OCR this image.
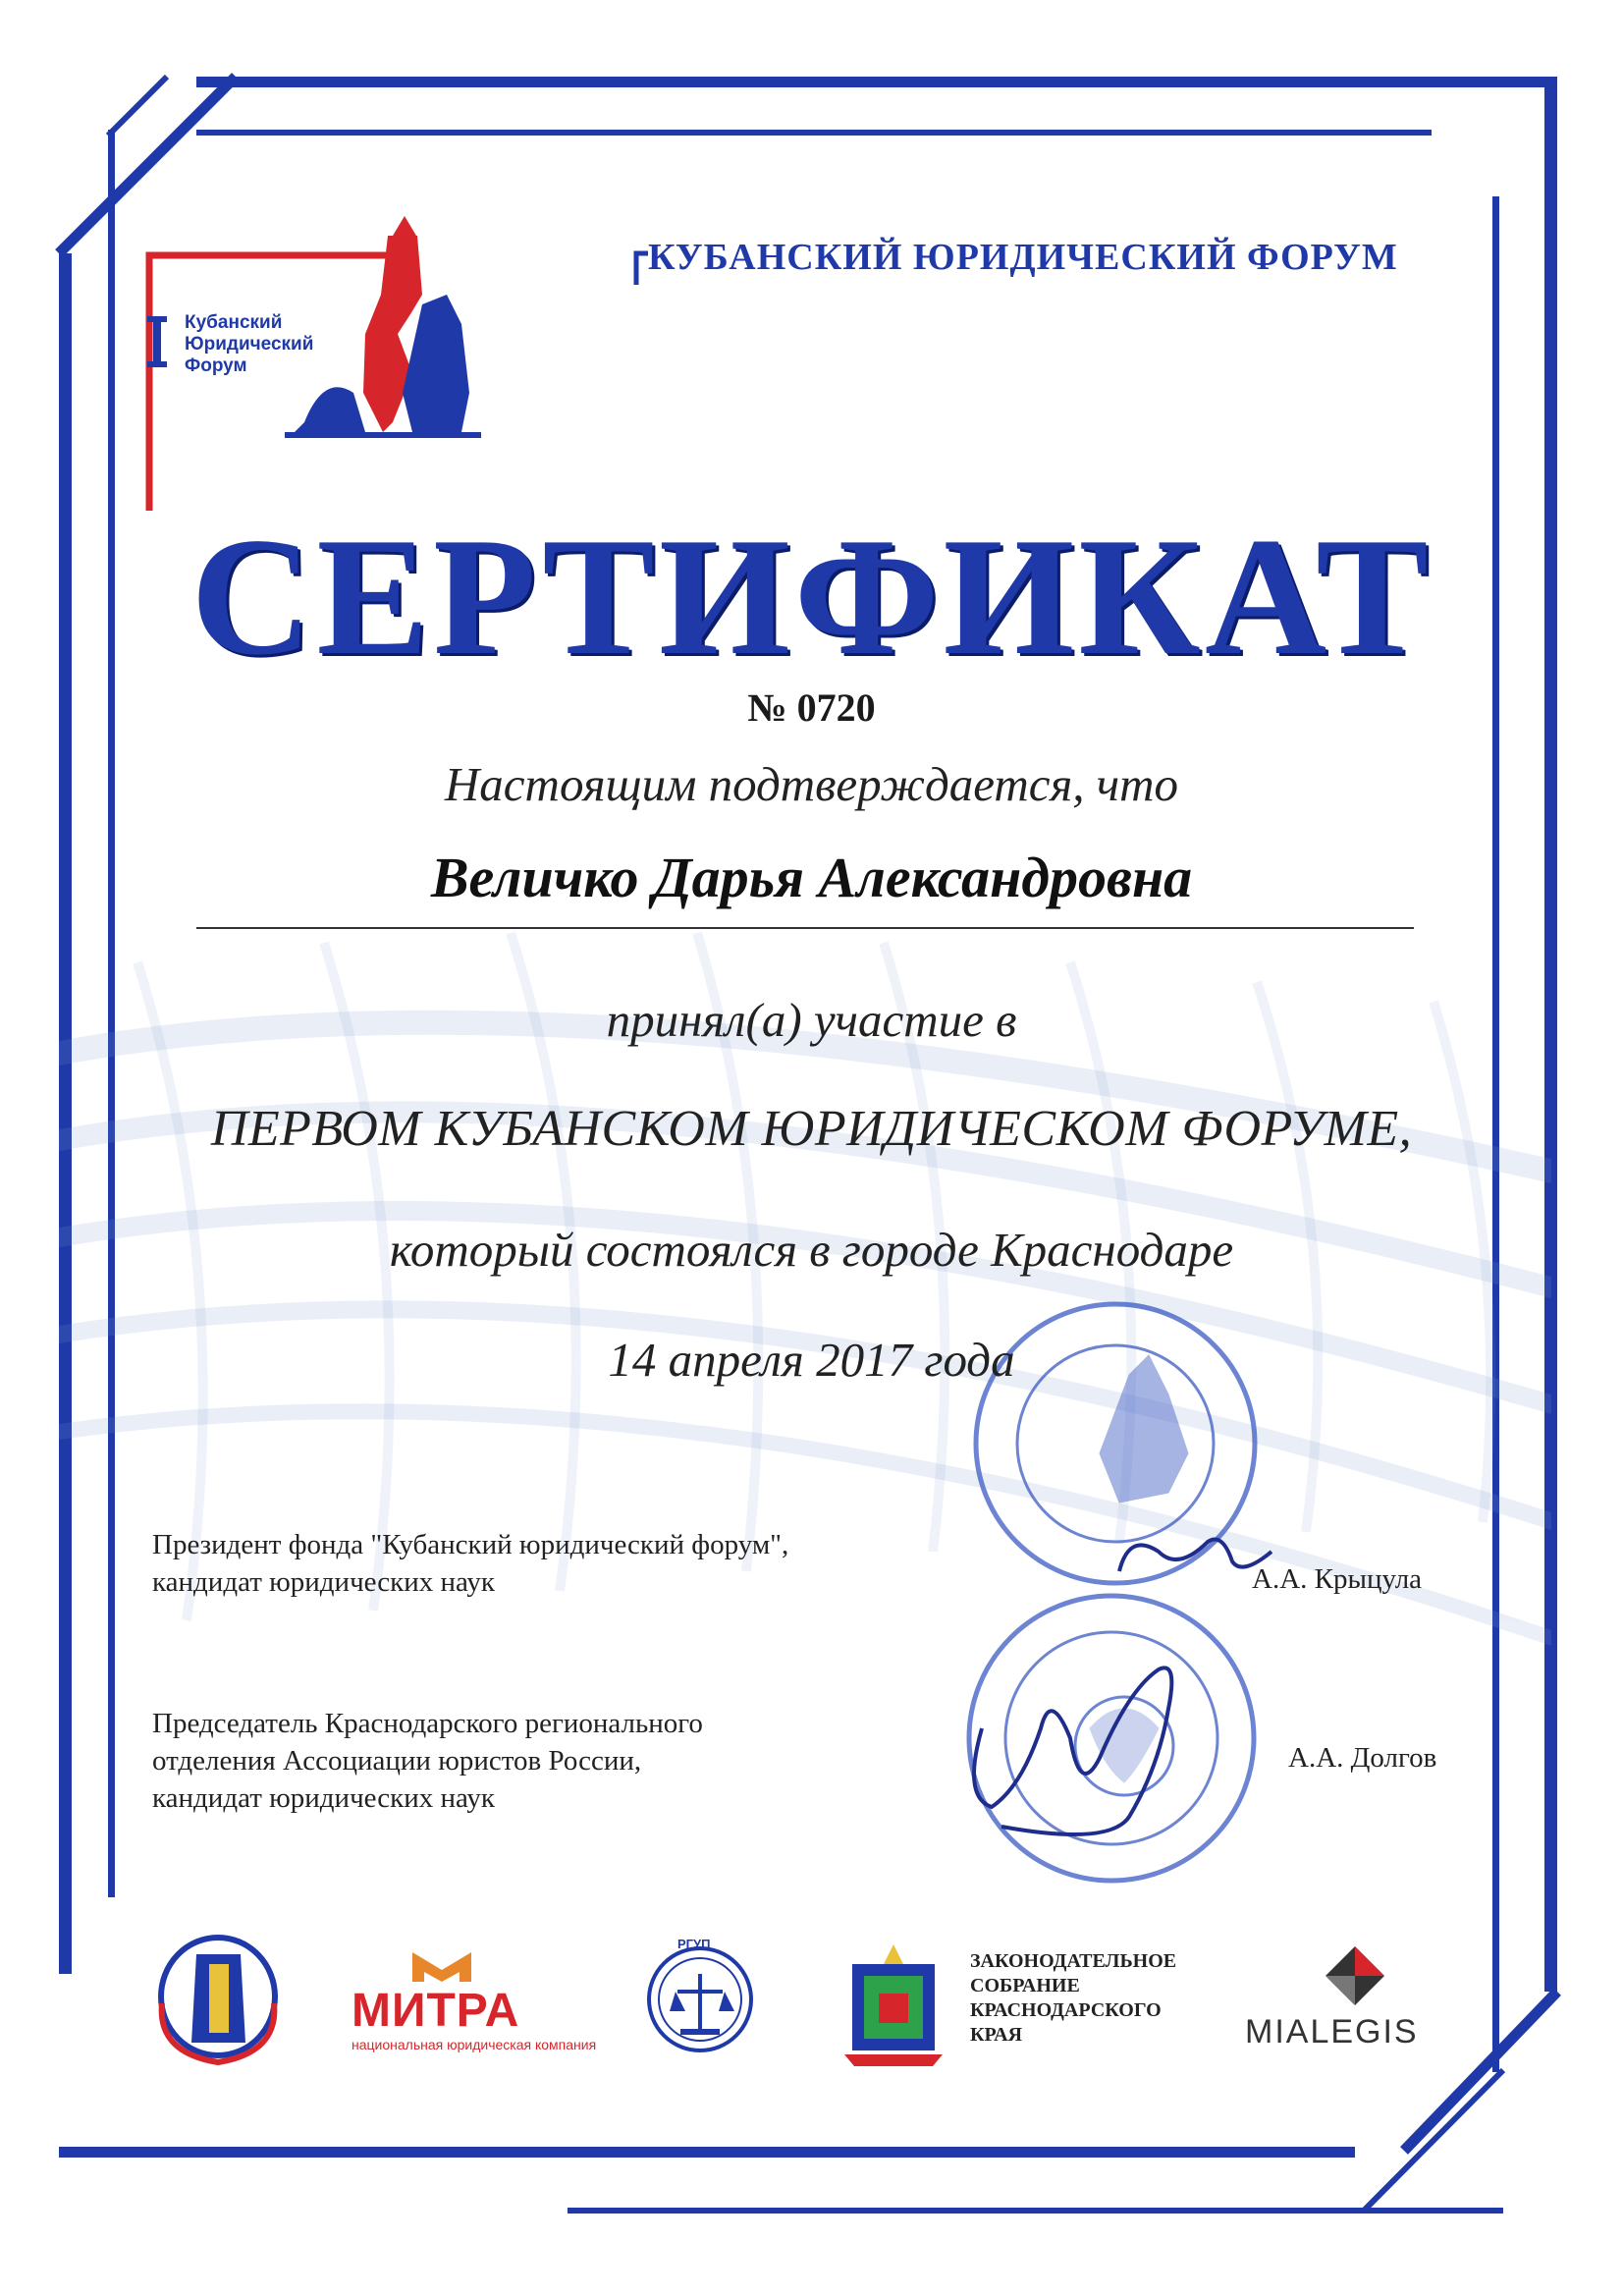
КУБАНСКИЙ ЮРИДИЧЕСКИЙ ФОРУМ
Кубанский
Юридический
Форум
СЕРТИФИКАТ
№ 0720
Настоящим подтверждается, что
Величко Дарья Александровна
принял(а) участие в
ПЕРВОМ КУБАНСКОМ ЮРИДИЧЕСКОМ ФОРУМЕ,
который состоялся в городе Краснодаре
14 апреля 2017 года
Президент фонда "Кубанский юридический форум",
кандидат юридических наук	А.А. Крыцула
Председатель Краснодарского регионального
отделения Ассоциации юристов России,
кандидат юридических наук
А.А. Долгов
МИТРА
национальная юридическая компания
РГУП
ЗАКОНОДАТЕЛЬНОЕ
СОБРАНИЕ
КРАСНОДАРСКОГО
КРАЯ	MIALEGIS
